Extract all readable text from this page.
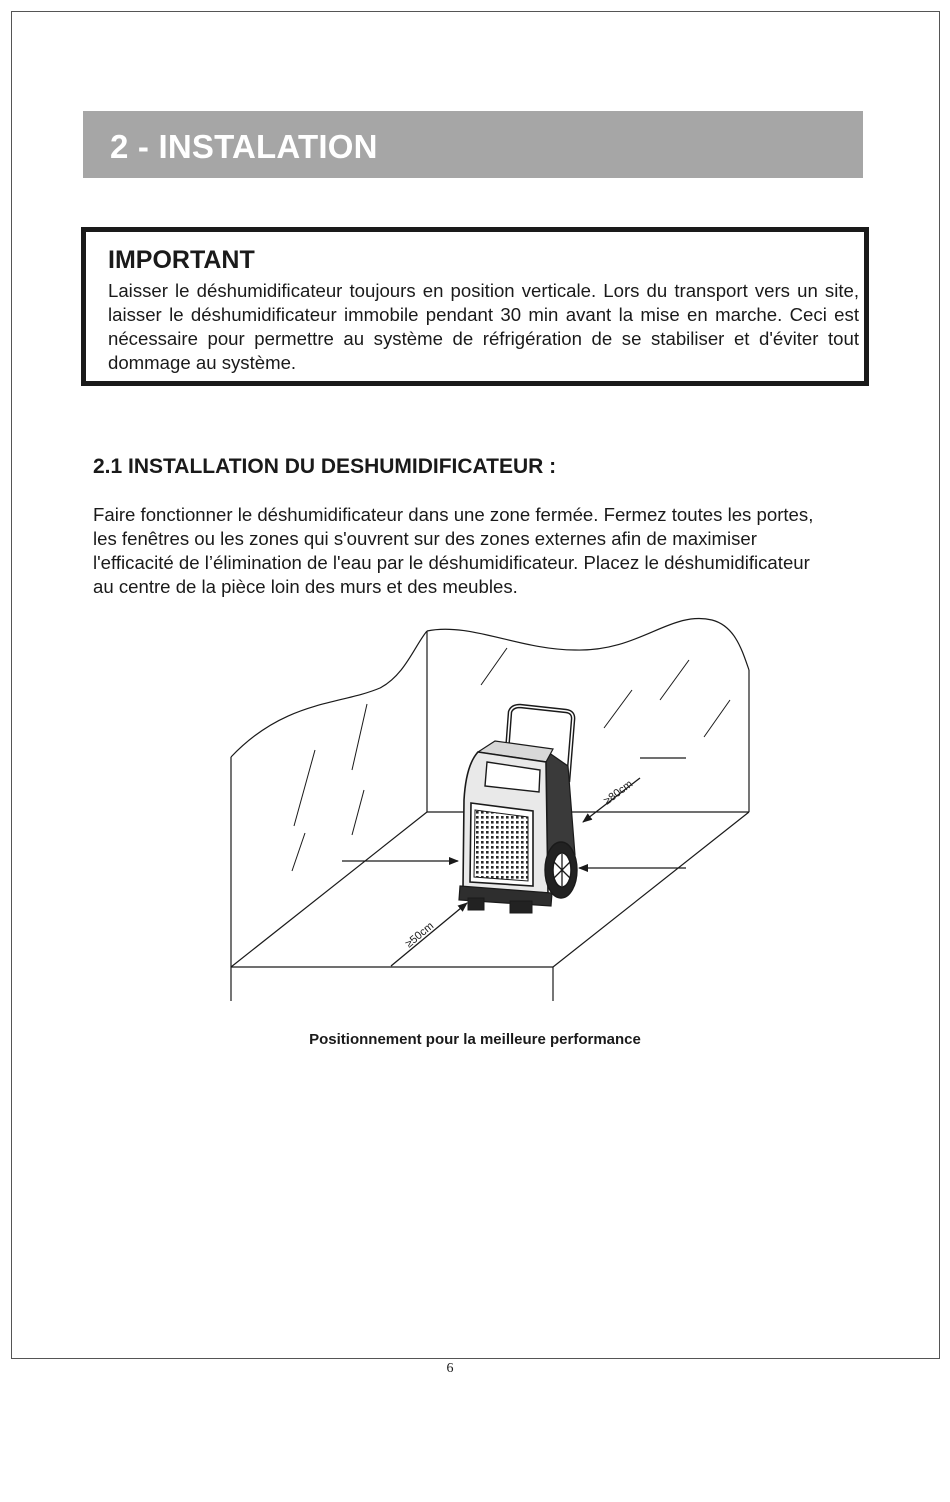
2 - INSTALATION
IMPORTANT

Laisser le déshumidificateur toujours en position verticale. Lors du transport vers un site, laisser le déshumidificateur immobile pendant 30 min avant la mise en marche. Ceci est nécessaire pour permettre au système de réfrigération de se stabiliser et d'éviter tout dommage au système.

2.1 INSTALLATION DU DESHUMIDIFICATEUR :

Faire fonctionner le déshumidificateur dans une zone fermée. Fermez toutes les portes,
les fenêtres ou les zones qui s'ouvrent sur des zones externes afin de maximiser
l'efficacité de l’élimination de l'eau par le déshumidificateur. Placez le déshumidificateur
au centre de la pièce loin des murs et des meubles.

≥80cm
≥50cm

Positionnement pour la meilleure performance

6
